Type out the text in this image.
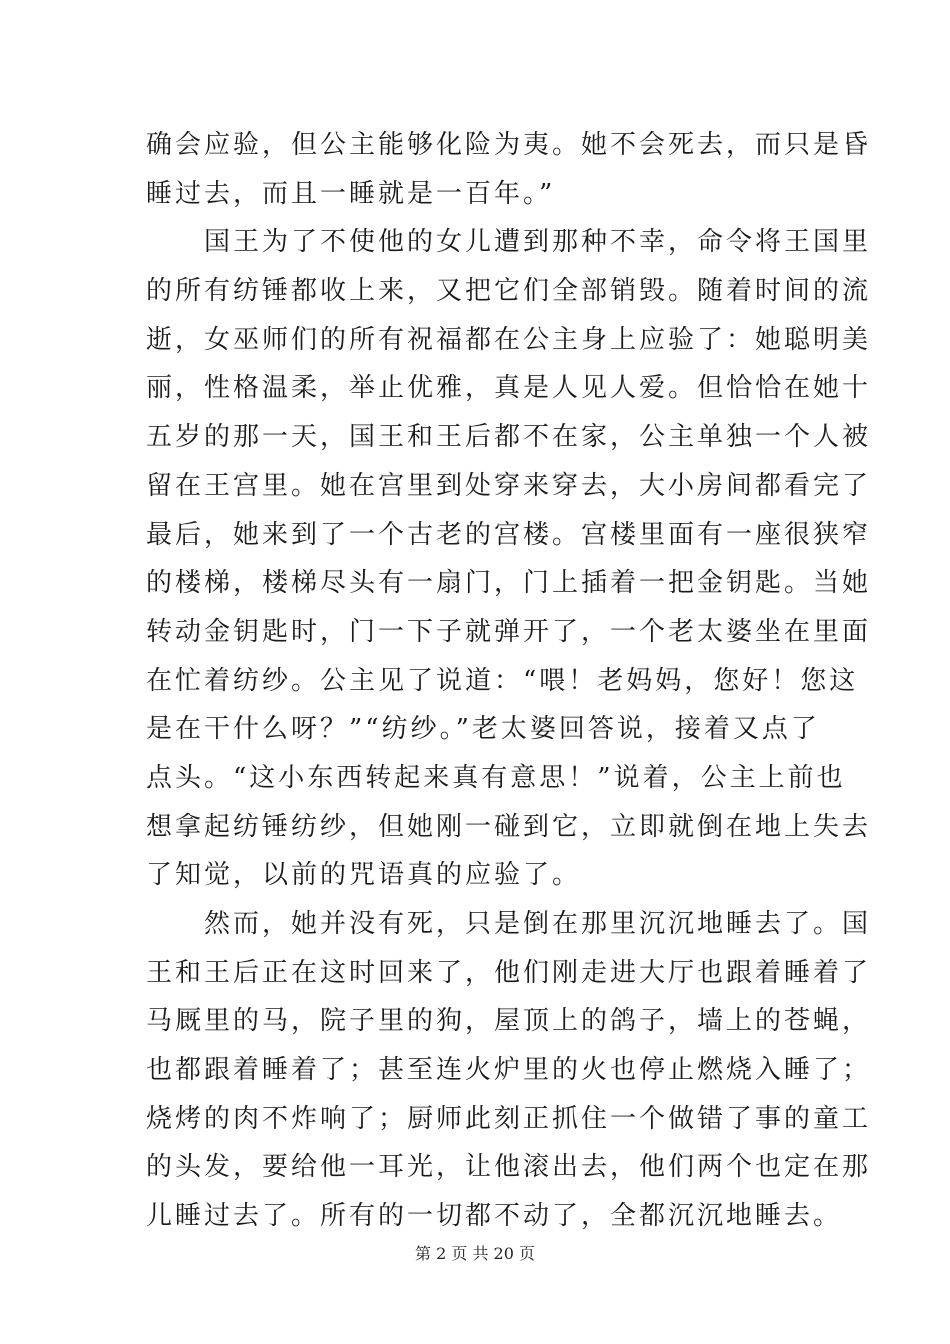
确会应验，但公主能够化险为夷。她不会死去，而只是昏
睡过去，而且一睡就是一百年。”
　　国王为了不使他的女儿遭到那种不幸，命令将王国里
的所有纺锤都收上来，又把它们全部销毁。随着时间的流
逝，女巫师们的所有祝福都在公主身上应验了：她聪明美
丽，性格温柔，举止优雅，真是人见人爱。但恰恰在她十
五岁的那一天，国王和王后都不在家，公主单独一个人被
留在王宫里。她在宫里到处穿来穿去，大小房间都看完了
最后，她来到了一个古老的宫楼。宫楼里面有一座很狭窄
的楼梯，楼梯尽头有一扇门，门上插着一把金钥匙。当她
转动金钥匙时，门一下子就弹开了，一个老太婆坐在里面
在忙着纺纱。公主见了说道：“喂！老妈妈，您好！您这
是在干什么呀？”“纺纱。”老太婆回答说，接着又点了
点头。“这小东西转起来真有意思！”说着，公主上前也
想拿起纺锤纺纱，但她刚一碰到它，立即就倒在地上失去
了知觉，以前的咒语真的应验了。
　　然而，她并没有死，只是倒在那里沉沉地睡去了。国
王和王后正在这时回来了，他们刚走进大厅也跟着睡着了
马厩里的马，院子里的狗，屋顶上的鸽子，墙上的苍蝇，
也都跟着睡着了；甚至连火炉里的火也停止燃烧入睡了；
烧烤的肉不炸响了；厨师此刻正抓住一个做错了事的童工
的头发，要给他一耳光，让他滚出去，他们两个也定在那
儿睡过去了。所有的一切都不动了，全都沉沉地睡去。
第 2 页 共 20 页
